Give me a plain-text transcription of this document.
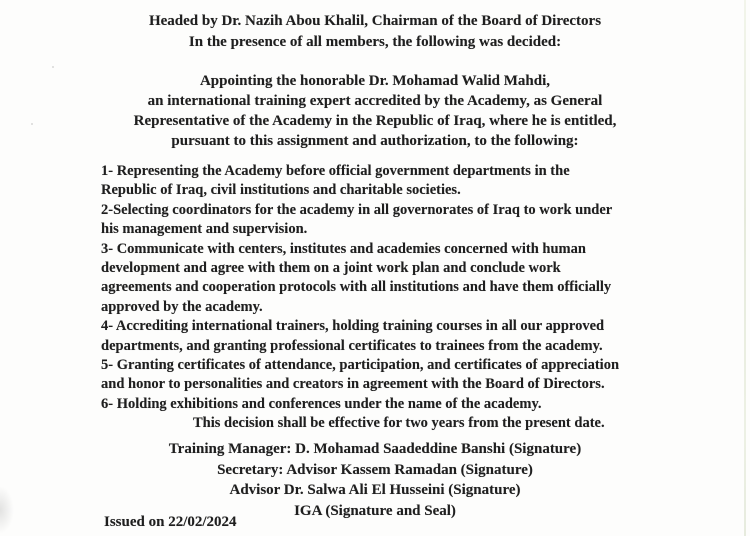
Headed by Dr. Nazih Abou Khalil, Chairman of the Board of Directors
In the presence of all members, the following was decided:
Appointing the honorable Dr. Mohamad Walid Mahdi,
an international training expert accredited by the Academy, as General
Representative of the Academy in the Republic of Iraq, where he is entitled,
pursuant to this assignment and authorization, to the following:
1- Representing the Academy before official government departments in the
Republic of Iraq, civil institutions and charitable societies.
2-Selecting coordinators for the academy in all governorates of Iraq to work under
his management and supervision.
3- Communicate with centers, institutes and academies concerned with human
development and agree with them on a joint work plan and conclude work
agreements and cooperation protocols with all institutions and have them officially
approved by the academy.
4- Accrediting international trainers, holding training courses in all our approved
departments, and granting professional certificates to trainees from the academy.
5- Granting certificates of attendance, participation, and certificates of appreciation
and honor to personalities and creators in agreement with the Board of Directors.
6- Holding exhibitions and conferences under the name of the academy.
This decision shall be effective for two years from the present date.
Training Manager: D. Mohamad Saadeddine Banshi (Signature)
Secretary: Advisor Kassem Ramadan (Signature)
Advisor Dr. Salwa Ali El Husseini (Signature)
IGA (Signature and Seal)
Issued on 22/02/2024
